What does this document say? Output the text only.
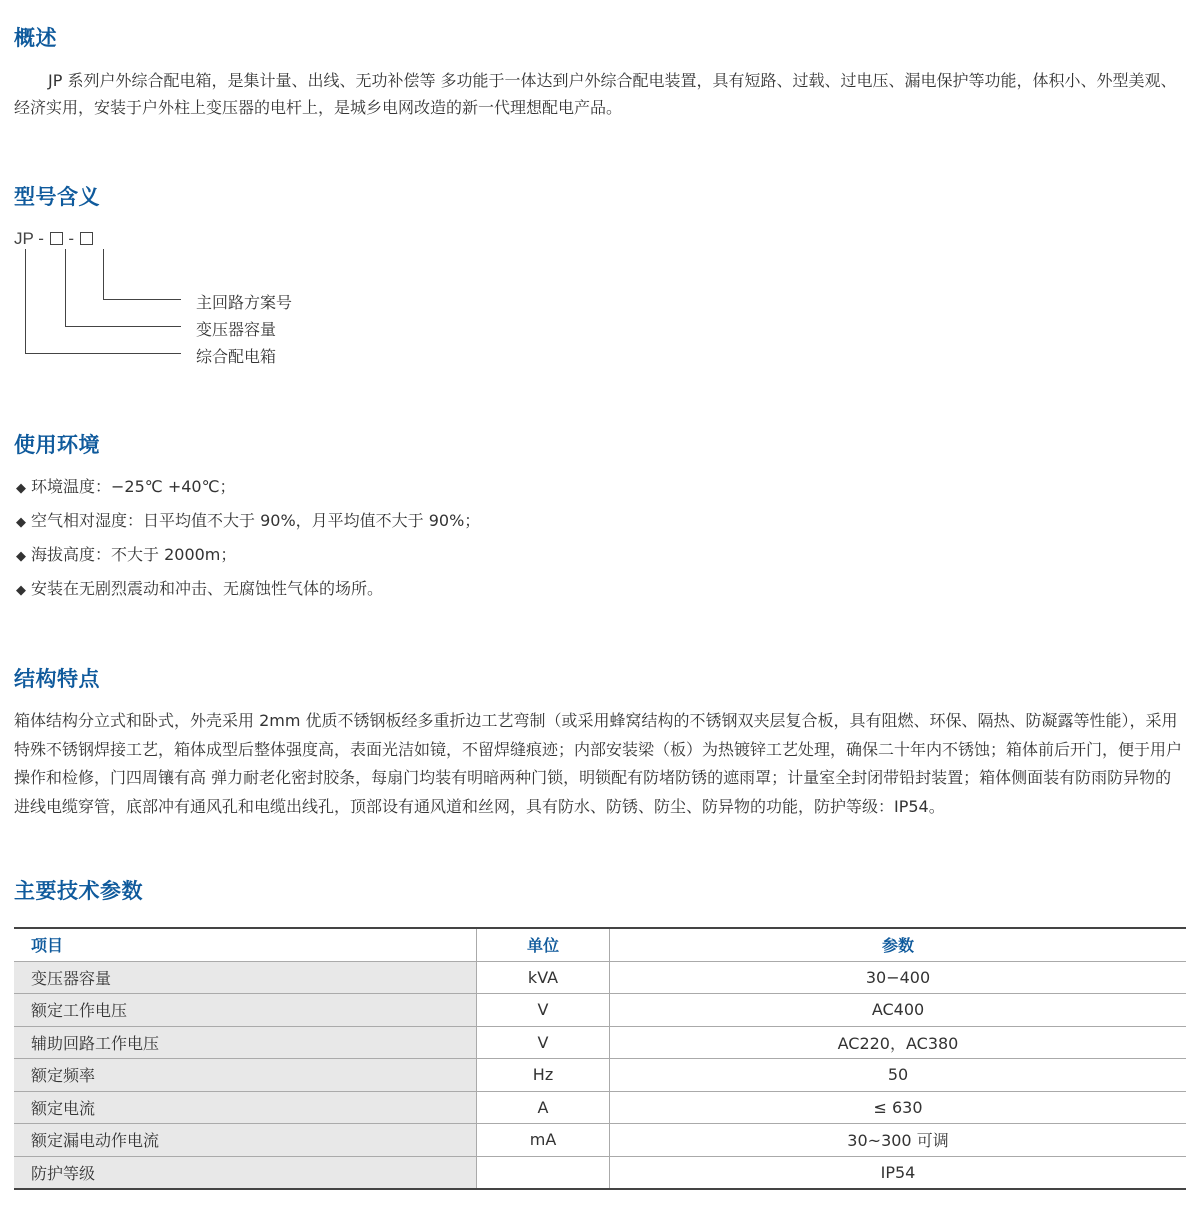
概述

JP 系列户外综合配电箱，是集计量、出线、无功补偿等 多功能于一体达到户外综合配电装置，具有短路、过载、过电压、漏电保护等功能，体积小、外型美观、经济实用，安装于户外柱上变压器的电杆上，是城乡电网改造的新一代理想配电产品。

型号含义
JP - -
主回路方案号
变压器容量
综合配电箱
使用环境
◆ 环境温度：−25℃ +40℃；
◆ 空气相对湿度：日平均值不大于 90%，月平均值不大于 90%；
◆ 海拔高度：不大于 2000m；
◆ 安装在无剧烈震动和冲击、无腐蚀性气体的场所。
结构特点

箱体结构分立式和卧式，外壳采用 2mm 优质不锈钢板经多重折边工艺弯制（或采用蜂窝结构的不锈钢双夹层复合板，具有阻燃、环保、隔热、防凝露等性能），采用特殊不锈钢焊接工艺，箱体成型后整体强度高，表面光洁如镜，不留焊缝痕迹；内部安装梁（板）为热镀锌工艺处理，确保二十年内不锈蚀；箱体前后开门，便于用户操作和检修，门四周镶有高 弹力耐老化密封胶条，每扇门均装有明暗两种门锁，明锁配有防堵防锈的遮雨罩；计量室全封闭带铅封装置；箱体侧面装有防雨防异物的进线电缆穿管，底部冲有通风孔和电缆出线孔，顶部设有通风道和丝网，具有防水、防锈、防尘、防异物的功能，防护等级：IP54。

主要技术参数
项目	单位	参数
变压器容量	kVA	30−400
额定工作电压	V	AC400
辅助回路工作电压	V	AC220，AC380
额定频率	Hz	50
额定电流	A	≤ 630
额定漏电动作电流	mA	30~300 可调
防护等级		IP54
